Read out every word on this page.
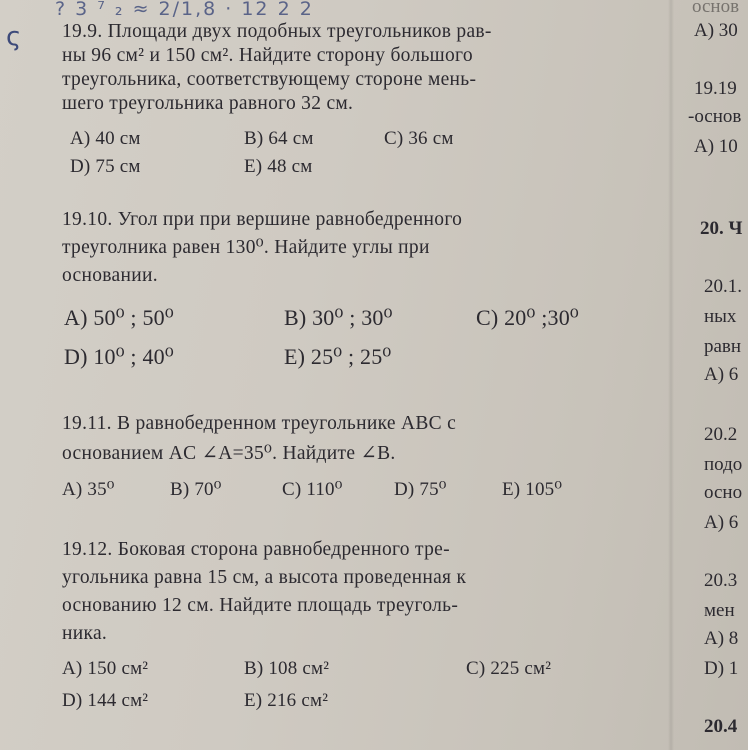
ς
? 3 ⁷ ₂ ≈ 2/1,8 · 12 2 2

19.9. Площади двух подобных треугольников рав-

ны 96 см² и 150 см². Найдите сторону большого

треугольника, соответствующему стороне мень-

шего треугольника равного 32 см.

A) 40 см	B) 64 см	C) 36 см
D) 75 см	E) 48 см

19.10. Угол при при вершине равнобедренного

треуголника равен 130⁰. Найдите углы при

основании.

A) 50⁰ ; 50⁰	B) 30⁰ ; 30⁰	C) 20⁰ ;30⁰
D) 10⁰ ; 40⁰	E) 25⁰ ; 25⁰

19.11. В равнобедренном треугольнике ABC с

основанием AC ∠A=35⁰. Найдите ∠B.

A) 35⁰	B) 70⁰	C) 110⁰	D) 75⁰	E) 105⁰

19.12. Боковая сторона равнобедренного тре-

угольника равна 15 см, а высота проведенная к

основанию 12 см. Найдите площадь треуголь-

ника.

A) 150 см²	B) 108 см²	C) 225 см²
D) 144 см²	E) 216 см²
основ
A) 30
19.19
-основ
A) 10
20. Ч
20.1.
ных
равн
A) 6
20.2
подо
осно
A) 6
20.3
мен
A) 8
D) 1
20.4
